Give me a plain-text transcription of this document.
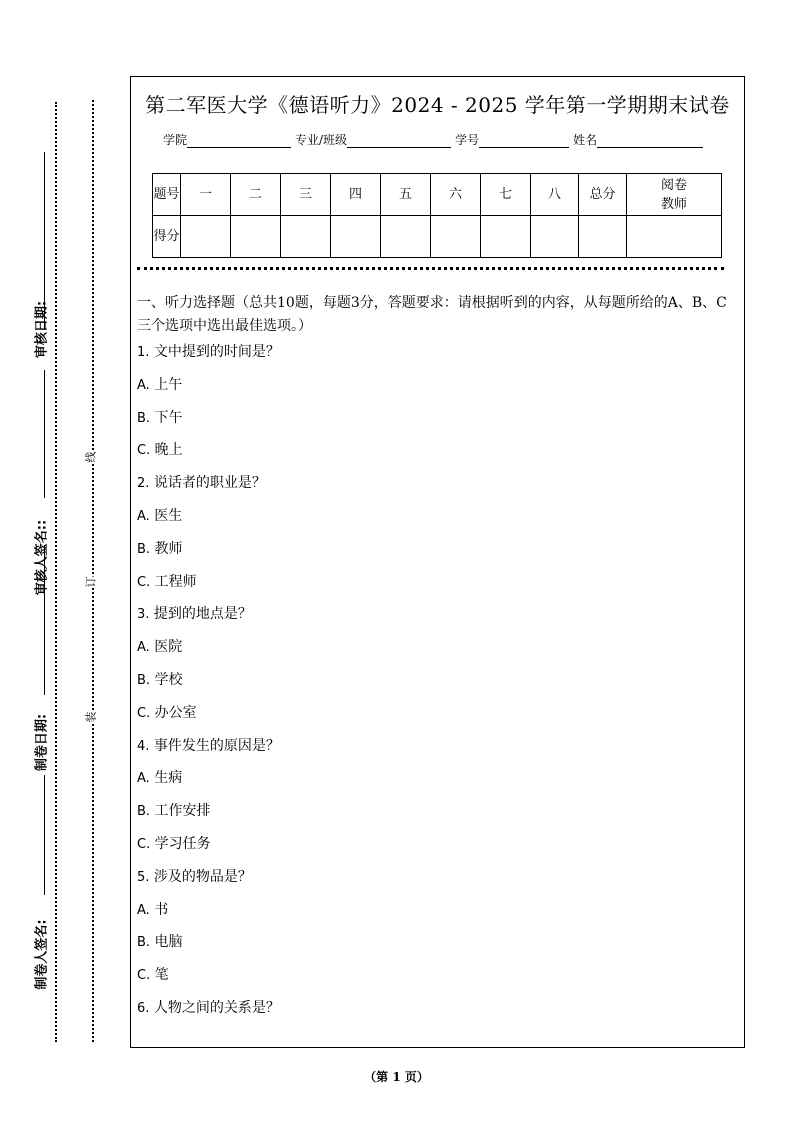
审核日期:
审核人签名::
制卷日期:
制卷人签名:
线
订
装
第二军医大学《德语听力》2024 - 2025 学年第一学期期末试卷
学院	专业/班级	学号	姓名
题号	一	二	三	四	五	六	七	八	总分	阅卷教师
得分										
一、听力选择题（总共10题，每题3分，答题要求：请根据听到的内容，从每题所给的A、B、C三个选项中选出最佳选项。）
1. 文中提到的时间是？
A. 上午
B. 下午
C. 晚上
2. 说话者的职业是？
A. 医生
B. 教师
C. 工程师
3. 提到的地点是？
A. 医院
B. 学校
C. 办公室
4. 事件发生的原因是？
A. 生病
B. 工作安排
C. 学习任务
5. 涉及的物品是？
A. 书
B. 电脑
C. 笔
6. 人物之间的关系是？
（第 1 页）
